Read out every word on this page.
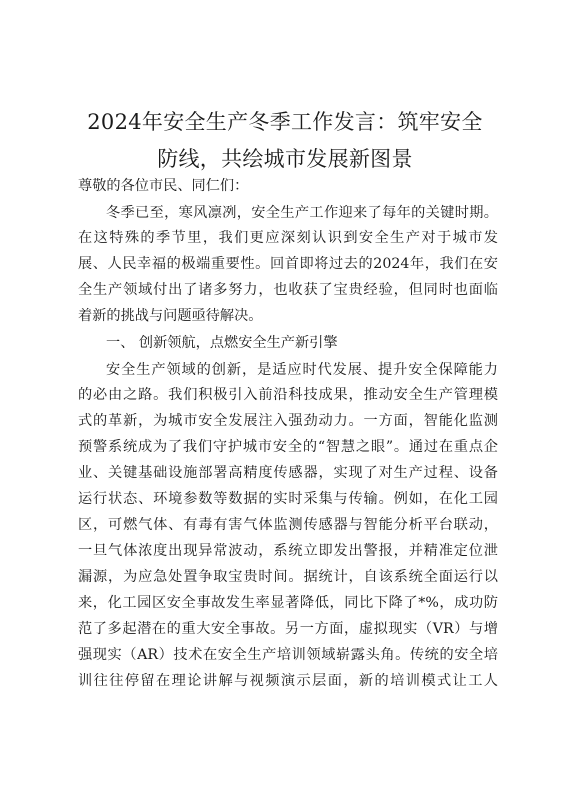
2024年安全生产冬季工作发言：筑牢安全
防线，共绘城市发展新图景

尊敬的各位市民、同仁们：

冬季已至，寒风凛冽，安全生产工作迎来了每年的关键时期。

在这特殊的季节里，我们更应深刻认识到安全生产对于城市发

展、人民幸福的极端重要性。回首即将过去的2024年，我们在安

全生产领域付出了诸多努力，也收获了宝贵经验，但同时也面临

着新的挑战与问题亟待解决。

一、 创新领航，点燃安全生产新引擎

安全生产领域的创新，是适应时代发展、提升安全保障能力

的必由之路。我们积极引入前沿科技成果，推动安全生产管理模

式的革新，为城市安全发展注入强劲动力。一方面，智能化监测

预警系统成为了我们守护城市安全的“智慧之眼”。通过在重点企

业、关键基础设施部署高精度传感器，实现了对生产过程、设备

运行状态、环境参数等数据的实时采集与传输。例如，在化工园

区，可燃气体、有毒有害气体监测传感器与智能分析平台联动，

一旦气体浓度出现异常波动，系统立即发出警报，并精准定位泄

漏源，为应急处置争取宝贵时间。据统计，自该系统全面运行以

来，化工园区安全事故发生率显著降低，同比下降了*%，成功防

范了多起潜在的重大安全事故。另一方面，虚拟现实（VR）与增

强现实（AR）技术在安全生产培训领域崭露头角。传统的安全培

训往往停留在理论讲解与视频演示层面，新的培训模式让工人
